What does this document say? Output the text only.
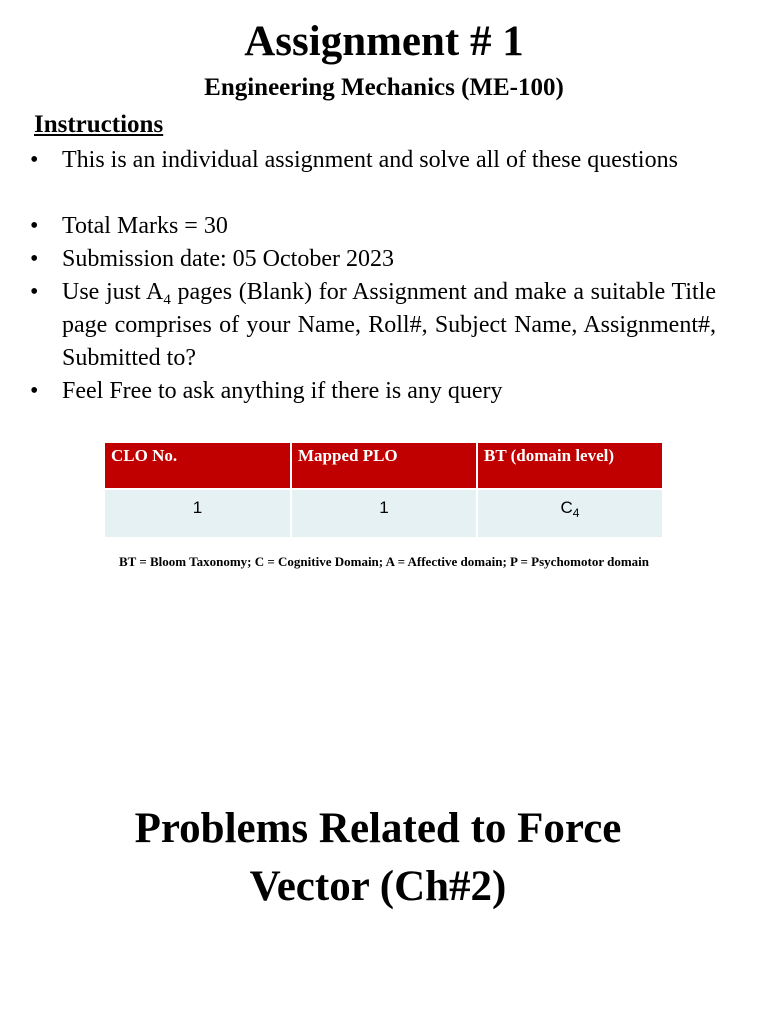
Assignment # 1
Engineering Mechanics (ME-100)
Instructions
• This is an individual assignment and solve all of these questions
• Total Marks = 30
• Submission date: 05 October 2023
• Use just $A_4$ pages (Blank) for Assignment and make a suitable Title page comprises of your Name, Roll#, Subject Name, Assignment#, Submitted to?
• Feel Free to ask anything if there is any query
CLO No.	Mapped PLO	BT (domain level)
1	1	$C_4$
BT = Bloom Taxonomy; C = Cognitive Domain; A = Affective domain; P = Psychomotor domain
Problems Related to Force
Vector (Ch#2)
